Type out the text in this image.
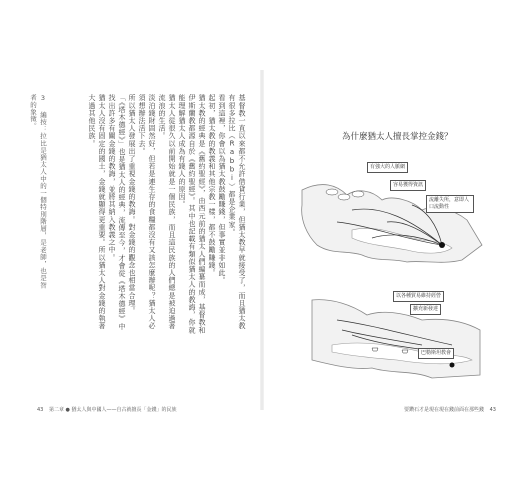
基督教一直以來都不允許借貸行業，但猶太教早就接受了，而且猶太教有很多拉比（Rabbi）都是企業家。

看到這裡，你會以為猶太教鼓勵賺錢，但事實並非如此。

起初，猶太教的教義和其他宗教一樣，都不鼓勵賺錢。

猶太教的經典是《舊約聖經》，由西元前的猶太人們編纂而成，基督教和伊斯蘭教都源自於《舊約聖經》。其中也記載有類似猶太人的教誨，你就能理解猶太人成為有錢人的原因。

猶太人從很久以前開始就是一個民族，而且這民族的人們總是被迫過著流浪的生活。

淡泊錢財固然好，但若是連生存的食糧都沒有又該怎麼辦呢？猶太人必須想辦法活下去。

所以猶太人發展出了重視金錢的教誨。對金錢的觀念也相當合理。

「《塔木德經》」也是猶太人的經典，流傳至今，才會從《塔木德經》中找出許多有關金錢的教誨，並將其納入教義之中。

猶太人沒有固定的國土，金錢就顯得更重要。所以猶太人對金錢的執著大過其他民族。

3 編按：拉比是猶太人中的一個特別階層，是老師，也是智者的象徵。
43 第二章 ● 猶太人與中國人——自古就擅長「金錢」的民族
為什麼猶太人擅長掌控金錢？
有強大的人脈網
容易獲得資訊
流離失所，意即人口流動性
以各種貿易維持經營
擴充新發達
巴勒斯坦教會
要鑽石才是現在現在錢前面在那些錢 43
